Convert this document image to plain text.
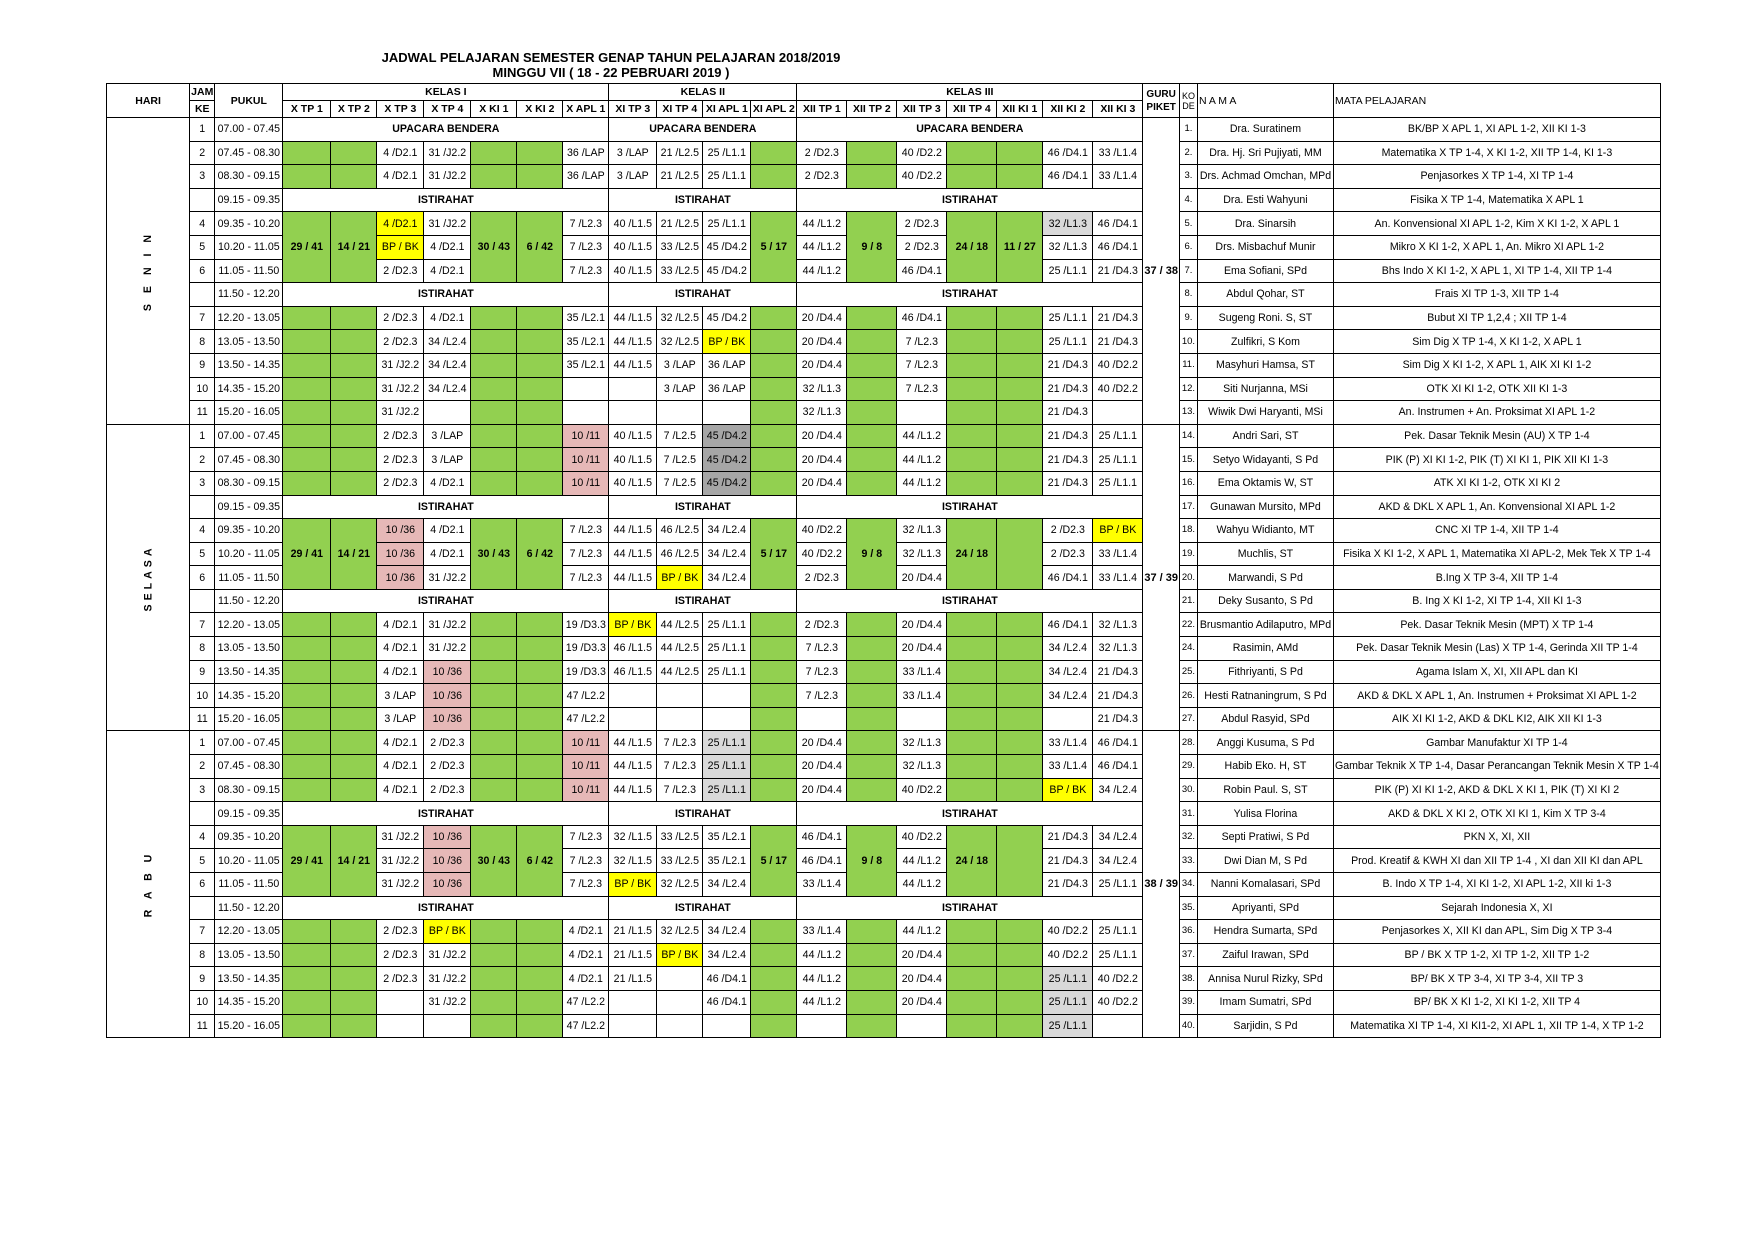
JADWAL PELAJARAN SEMESTER GENAP TAHUN PELAJARAN 2018/2019
MINGGU VII ( 18 - 22 PEBRUARI 2019 )
HARI	JAM	PUKUL	KELAS I							KELAS II				KELAS III							GURU PIKET	KO DE	N A M A	MATA PELAJARAN
	KE		X TP 1	X TP 2	X TP 3	X TP 4	X KI 1	X KI 2	X APL 1	XI TP 3	XI TP 4	XI APL 1	XI APL 2	XII TP 1	XII TP 2	XII TP 3	XII TP 4	XII KI 1	XII KI 2	XII KI 3				
S E N I N	1	07.00 - 07.45	UPACARA BENDERA							UPACARA BENDERA				UPACARA BENDERA							37 / 38	1.	Dra. Suratinem	BK/BP X APL 1, XI APL 1-2, XII KI 1-3
	2	07.45 - 08.30			4 /D2.1	31 /J2.2			36 /LAP	3 /LAP	21 /L2.5	25 /L1.1		2 /D2.3		40 /D2.2			46 /D4.1	33 /L1.4		2.	Dra. Hj. Sri Pujiyati, MM	Matematika X TP 1-4, X KI 1-2, XII TP 1-4, KI 1-3
	3	08.30 - 09.15			4 /D2.1	31 /J2.2			36 /LAP	3 /LAP	21 /L2.5	25 /L1.1		2 /D2.3		40 /D2.2			46 /D4.1	33 /L1.4		3.	Drs. Achmad Omchan, MPd	Penjasorkes X TP 1-4, XI TP 1-4
		09.15 - 09.35	ISTIRAHAT							ISTIRAHAT				ISTIRAHAT								4.	Dra. Esti Wahyuni	Fisika X TP 1-4, Matematika X APL 1
	4	09.35 - 10.20	29 / 41	14 / 21	4 /D2.1	31 /J2.2	30 / 43	6 / 42	7 /L2.3	40 /L1.5	21 /L2.5	25 /L1.1	5 / 17	44 /L1.2	9 / 8	2 /D2.3	24 / 18	11 / 27	32 /L1.3	46 /D4.1		5.	Dra. Sinarsih	An. Konvensional XI APL 1-2, Kim X KI 1-2, X APL 1
	5	10.20 - 11.05			BP / BK	4 /D2.1			7 /L2.3	40 /L1.5	33 /L2.5	45 /D4.2		44 /L1.2		2 /D2.3			32 /L1.3	46 /D4.1		6.	Drs. Misbachuf Munir	Mikro X KI 1-2, X APL 1, An. Mikro XI APL 1-2
	6	11.05 - 11.50			2 /D2.3	4 /D2.1			7 /L2.3	40 /L1.5	33 /L2.5	45 /D4.2		44 /L1.2		46 /D4.1			25 /L1.1	21 /D4.3		7.	Ema Sofiani, SPd	Bhs Indo X KI 1-2, X APL 1, XI TP 1-4, XII TP 1-4
		11.50 - 12.20	ISTIRAHAT							ISTIRAHAT				ISTIRAHAT								8.	Abdul Qohar, ST	Frais XI TP 1-3, XII TP 1-4
	7	12.20 - 13.05			2 /D2.3	4 /D2.1			35 /L2.1	44 /L1.5	32 /L2.5	45 /D4.2		20 /D4.4		46 /D4.1			25 /L1.1	21 /D4.3		9.	Sugeng Roni. S, ST	Bubut XI TP 1,2,4 ; XII TP 1-4
	8	13.05 - 13.50			2 /D2.3	34 /L2.4			35 /L2.1	44 /L1.5	32 /L2.5	BP / BK		20 /D4.4		7 /L2.3			25 /L1.1	21 /D4.3		10.	Zulfikri, S Kom	Sim Dig X TP 1-4, X KI 1-2, X APL 1
	9	13.50 - 14.35			31 /J2.2	34 /L2.4			35 /L2.1	44 /L1.5	3 /LAP	36 /LAP		20 /D4.4		7 /L2.3			21 /D4.3	40 /D2.2		11.	Masyhuri Hamsa, ST	Sim Dig X KI 1-2, X APL 1, AIK XI KI 1-2
	10	14.35 - 15.20			31 /J2.2	34 /L2.4					3 /LAP	36 /LAP		32 /L1.3		7 /L2.3			21 /D4.3	40 /D2.2		12.	Siti Nurjanna, MSi	OTK XI KI 1-2, OTK XII KI 1-3
	11	15.20 - 16.05			31 /J2.2									32 /L1.3					21 /D4.3			13.	Wiwik Dwi Haryanti, MSi	An. Instrumen + An. Proksimat XI APL 1-2
SELASA	1	07.00 - 07.45			2 /D2.3	3 /LAP			10 /11	40 /L1.5	7 /L2.5	45 /D4.2		20 /D4.4		44 /L1.2			21 /D4.3	25 /L1.1	37 / 39	14.	Andri Sari, ST	Pek. Dasar Teknik Mesin (AU) X TP 1-4
	2	07.45 - 08.30			2 /D2.3	3 /LAP			10 /11	40 /L1.5	7 /L2.5	45 /D4.2		20 /D4.4		44 /L1.2			21 /D4.3	25 /L1.1		15.	Setyo Widayanti, S Pd	PIK (P) XI KI 1-2, PIK (T) XI KI 1, PIK XII KI 1-3
	3	08.30 - 09.15			2 /D2.3	4 /D2.1			10 /11	40 /L1.5	7 /L2.5	45 /D4.2		20 /D4.4		44 /L1.2			21 /D4.3	25 /L1.1		16.	Ema Oktamis W, ST	ATK XI KI 1-2, OTK XI KI 2
		09.15 - 09.35	ISTIRAHAT							ISTIRAHAT				ISTIRAHAT								17.	Gunawan Mursito, MPd	AKD & DKL X APL 1, An. Konvensional XI APL 1-2
	4	09.35 - 10.20	29 / 41	14 / 21	10 /36	4 /D2.1	30 / 43	6 / 42	7 /L2.3	44 /L1.5	46 /L2.5	34 /L2.4	5 / 17	40 /D2.2	9 / 8	32 /L1.3	24 / 18		2 /D2.3	BP / BK		18.	Wahyu Widianto, MT	CNC XI TP 1-4, XII TP 1-4
	5	10.20 - 11.05			10 /36	4 /D2.1			7 /L2.3	44 /L1.5	46 /L2.5	34 /L2.4		40 /D2.2		32 /L1.3			2 /D2.3	33 /L1.4		19.	Muchlis, ST	Fisika X KI 1-2, X APL 1, Matematika XI APL-2, Mek Tek X TP 1-4
	6	11.05 - 11.50			10 /36	31 /J2.2			7 /L2.3	44 /L1.5	BP / BK	34 /L2.4		2 /D2.3		20 /D4.4			46 /D4.1	33 /L1.4		20.	Marwandi, S Pd	B.Ing X TP 3-4, XII TP 1-4
		11.50 - 12.20	ISTIRAHAT							ISTIRAHAT				ISTIRAHAT								21.	Deky Susanto, S Pd	B. Ing X KI 1-2, XI TP 1-4, XII KI 1-3
	7	12.20 - 13.05			4 /D2.1	31 /J2.2			19 /D3.3	BP / BK	44 /L2.5	25 /L1.1		2 /D2.3		20 /D4.4			46 /D4.1	32 /L1.3		22.	Brusmantio Adilaputro, MPd	Pek. Dasar Teknik Mesin (MPT) X TP 1-4
	8	13.05 - 13.50			4 /D2.1	31 /J2.2			19 /D3.3	46 /L1.5	44 /L2.5	25 /L1.1		7 /L2.3		20 /D4.4			34 /L2.4	32 /L1.3		24.	Rasimin, AMd	Pek. Dasar Teknik Mesin (Las) X TP 1-4, Gerinda XII TP 1-4
	9	13.50 - 14.35			4 /D2.1	10 /36			19 /D3.3	46 /L1.5	44 /L2.5	25 /L1.1		7 /L2.3		33 /L1.4			34 /L2.4	21 /D4.3		25.	Fithriyanti, S Pd	Agama Islam X, XI, XII APL dan KI
	10	14.35 - 15.20			3 /LAP	10 /36			47 /L2.2					7 /L2.3		33 /L1.4			34 /L2.4	21 /D4.3		26.	Hesti Ratnaningrum, S Pd	AKD & DKL X APL 1, An. Instrumen + Proksimat XI APL 1-2
	11	15.20 - 16.05			3 /LAP	10 /36			47 /L2.2											21 /D4.3		27.	Abdul Rasyid, SPd	AIK XI KI 1-2, AKD & DKL KI2, AIK XII KI 1-3
R A B U	1	07.00 - 07.45			4 /D2.1	2 /D2.3			10 /11	44 /L1.5	7 /L2.3	25 /L1.1		20 /D4.4		32 /L1.3			33 /L1.4	46 /D4.1	38 / 39	28.	Anggi Kusuma, S Pd	Gambar Manufaktur XI TP 1-4
	2	07.45 - 08.30			4 /D2.1	2 /D2.3			10 /11	44 /L1.5	7 /L2.3	25 /L1.1		20 /D4.4		32 /L1.3			33 /L1.4	46 /D4.1		29.	Habib Eko. H, ST	Gambar Teknik X TP 1-4, Dasar Perancangan Teknik Mesin X TP 1-4
	3	08.30 - 09.15			4 /D2.1	2 /D2.3			10 /11	44 /L1.5	7 /L2.3	25 /L1.1		20 /D4.4		40 /D2.2			BP / BK	34 /L2.4		30.	Robin Paul. S, ST	PIK (P) XI KI 1-2, AKD & DKL X KI 1, PIK (T) XI KI 2
		09.15 - 09.35	ISTIRAHAT							ISTIRAHAT				ISTIRAHAT								31.	Yulisa Florina	AKD & DKL X KI 2, OTK XI KI 1, Kim X TP 3-4
	4	09.35 - 10.20	29 / 41	14 / 21	31 /J2.2	10 /36	30 / 43	6 / 42	7 /L2.3	32 /L1.5	33 /L2.5	35 /L2.1	5 / 17	46 /D4.1	9 / 8	40 /D2.2	24 / 18		21 /D4.3	34 /L2.4		32.	Septi Pratiwi, S Pd	PKN X, XI, XII
	5	10.20 - 11.05			31 /J2.2	10 /36			7 /L2.3	32 /L1.5	33 /L2.5	35 /L2.1		46 /D4.1		44 /L1.2			21 /D4.3	34 /L2.4		33.	Dwi Dian M, S Pd	Prod. Kreatif & KWH XI dan XII TP 1-4 , XI dan XII KI dan APL
	6	11.05 - 11.50			31 /J2.2	10 /36			7 /L2.3	BP / BK	32 /L2.5	34 /L2.4		33 /L1.4		44 /L1.2			21 /D4.3	25 /L1.1		34.	Nanni Komalasari, SPd	B. Indo X TP 1-4, XI KI 1-2, XI APL 1-2, XII ki 1-3
		11.50 - 12.20	ISTIRAHAT							ISTIRAHAT				ISTIRAHAT								35.	Apriyanti, SPd	Sejarah Indonesia X, XI
	7	12.20 - 13.05			2 /D2.3	BP / BK			4 /D2.1	21 /L1.5	32 /L2.5	34 /L2.4		33 /L1.4		44 /L1.2			40 /D2.2	25 /L1.1		36.	Hendra Sumarta, SPd	Penjasorkes X, XII KI dan APL, Sim Dig X TP 3-4
	8	13.05 - 13.50			2 /D2.3	31 /J2.2			4 /D2.1	21 /L1.5	BP / BK	34 /L2.4		44 /L1.2		20 /D4.4			40 /D2.2	25 /L1.1		37.	Zaiful Irawan, SPd	BP / BK X TP 1-2, XI TP 1-2, XII TP 1-2
	9	13.50 - 14.35			2 /D2.3	31 /J2.2			4 /D2.1	21 /L1.5		46 /D4.1		44 /L1.2		20 /D4.4			25 /L1.1	40 /D2.2		38.	Annisa Nurul Rizky, SPd	BP/ BK X TP 3-4, XI TP 3-4, XII TP 3
	10	14.35 - 15.20				31 /J2.2			47 /L2.2			46 /D4.1		44 /L1.2		20 /D4.4			25 /L1.1	40 /D2.2		39.	Imam Sumatri, SPd	BP/ BK X KI 1-2, XI KI 1-2, XII TP 4
	11	15.20 - 16.05							47 /L2.2										25 /L1.1			40.	Sarjidin, S Pd	Matematika XI TP 1-4, XI KI1-2, XI APL 1, XII TP 1-4, X TP 1-2
